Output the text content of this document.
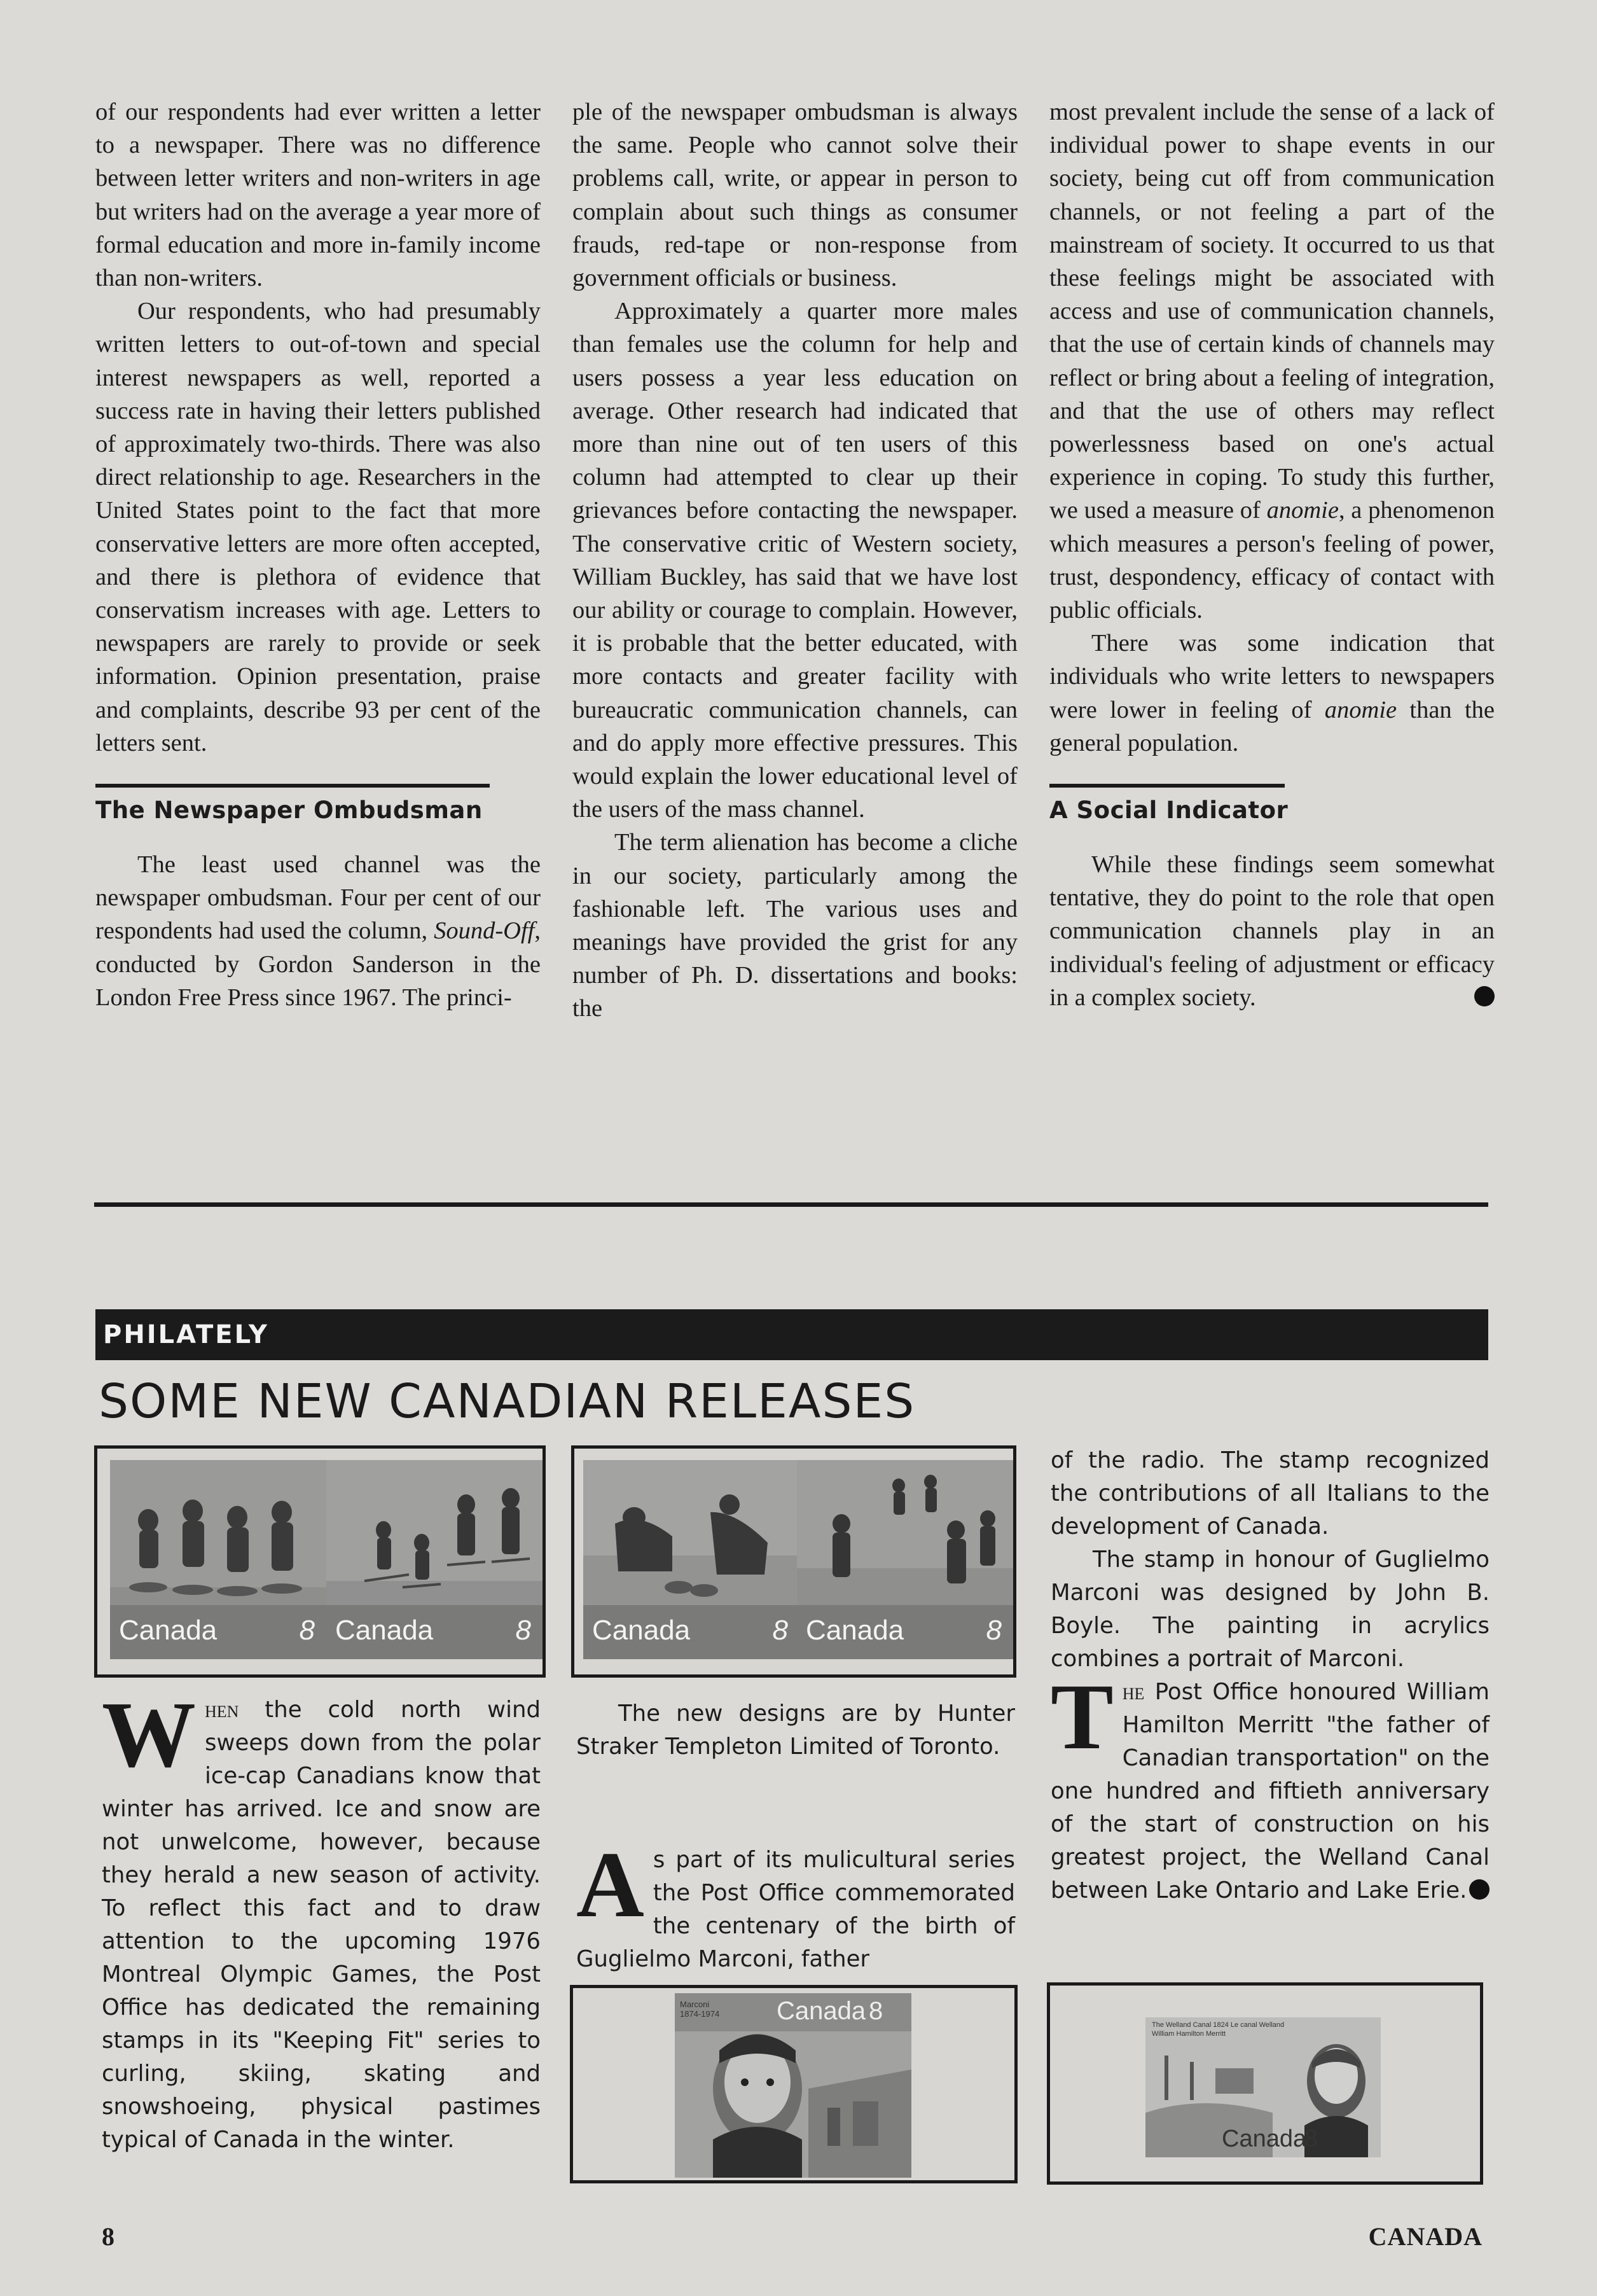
of our respondents had ever written a letter to a newspaper. There was no difference between letter writers and non-writers in age but writers had on the average a year more of formal education and more in-family income than non-writers.

Our respondents, who had presumably written letters to out-of-town and special interest newspapers as well, reported a success rate in having their letters published of approximately two-thirds. There was also direct relationship to age. Researchers in the United States point to the fact that more conservative letters are more often accepted, and there is plethora of evidence that conservatism increases with age. Letters to newspapers are rarely to provide or seek information. Opinion presentation, praise and complaints, describe 93 per cent of the letters sent.

The Newspaper Ombudsman

The least used channel was the newspaper ombudsman. Four per cent of our respondents had used the column, Sound-Off, conducted by Gordon Sanderson in the London Free Press since 1967. The princi-

ple of the newspaper ombudsman is always the same. People who cannot solve their problems call, write, or appear in person to complain about such things as consumer frauds, red-tape or non-response from government officials or business.

Approximately a quarter more males than females use the column for help and users possess a year less education on average. Other research had indicated that more than nine out of ten users of this column had attempted to clear up their grievances before contacting the newspaper. The conservative critic of Western society, William Buckley, has said that we have lost our ability or courage to complain. However, it is probable that the better educated, with more contacts and greater facility with bureaucratic communication channels, can and do apply more effective pressures. This would explain the lower educational level of the users of the mass channel.

The term alienation has become a cliche in our society, particularly among the fashionable left. The various uses and meanings have provided the grist for any number of Ph. D. dissertations and books: the

most prevalent include the sense of a lack of individual power to shape events in our society, being cut off from communication channels, or not feeling a part of the mainstream of society. It occurred to us that these feelings might be associated with access and use of communication channels, that the use of certain kinds of channels may reflect or bring about a feeling of integration, and that the use of others may reflect powerlessness based on one's actual experience in coping. To study this further, we used a measure of anomie, a phenomenon which measures a person's feeling of power, trust, despondency, efficacy of contact with public officials.

There was some indication that individuals who write letters to newspapers were lower in feeling of anomie than the general population.

A Social Indicator

While these findings seem somewhat tentative, they do point to the role that open communication channels play in an individual's feeling of adjustment or efficacy in a complex society.

PHILATELY
SOME NEW CANADIAN RELEASES
Canada	8 Canada	8 Canada	8 Canada	8

When the cold north wind sweeps down from the polar ice-cap Canadians know that winter has arrived. Ice and snow are not unwelcome, however, because they herald a new season of activity. To reflect this fact and to draw attention to the upcoming 1976 Montreal Olympic Games, the Post Office has dedicated the remaining stamps in its "Keeping Fit" series to curling, skiing, skating and snowshoeing, physical pastimes typical of Canada in the winter.

The new designs are by Hunter Straker Templeton Limited of Toronto.

As part of its mulicultural series the Post Office commemorated the centenary of the birth of Guglielmo Marconi, father

of the radio. The stamp recognized the contributions of all Italians to the development of Canada.

The stamp in honour of Guglielmo Marconi was designed by John B. Boyle. The painting in acrylics combines a portrait of Marconi.

The Post Office honoured William Hamilton Merritt "the father of Canadian transportation" on the one hundred and fiftieth anniversary of the start of construction on his greatest project, the Welland Canal between Lake Ontario and Lake Erie.

Canada 8
Marconi 1874-1974
The Welland Canal 1824 Le canal Welland
William Hamilton Merritt
Canada
8
8	CANADA
